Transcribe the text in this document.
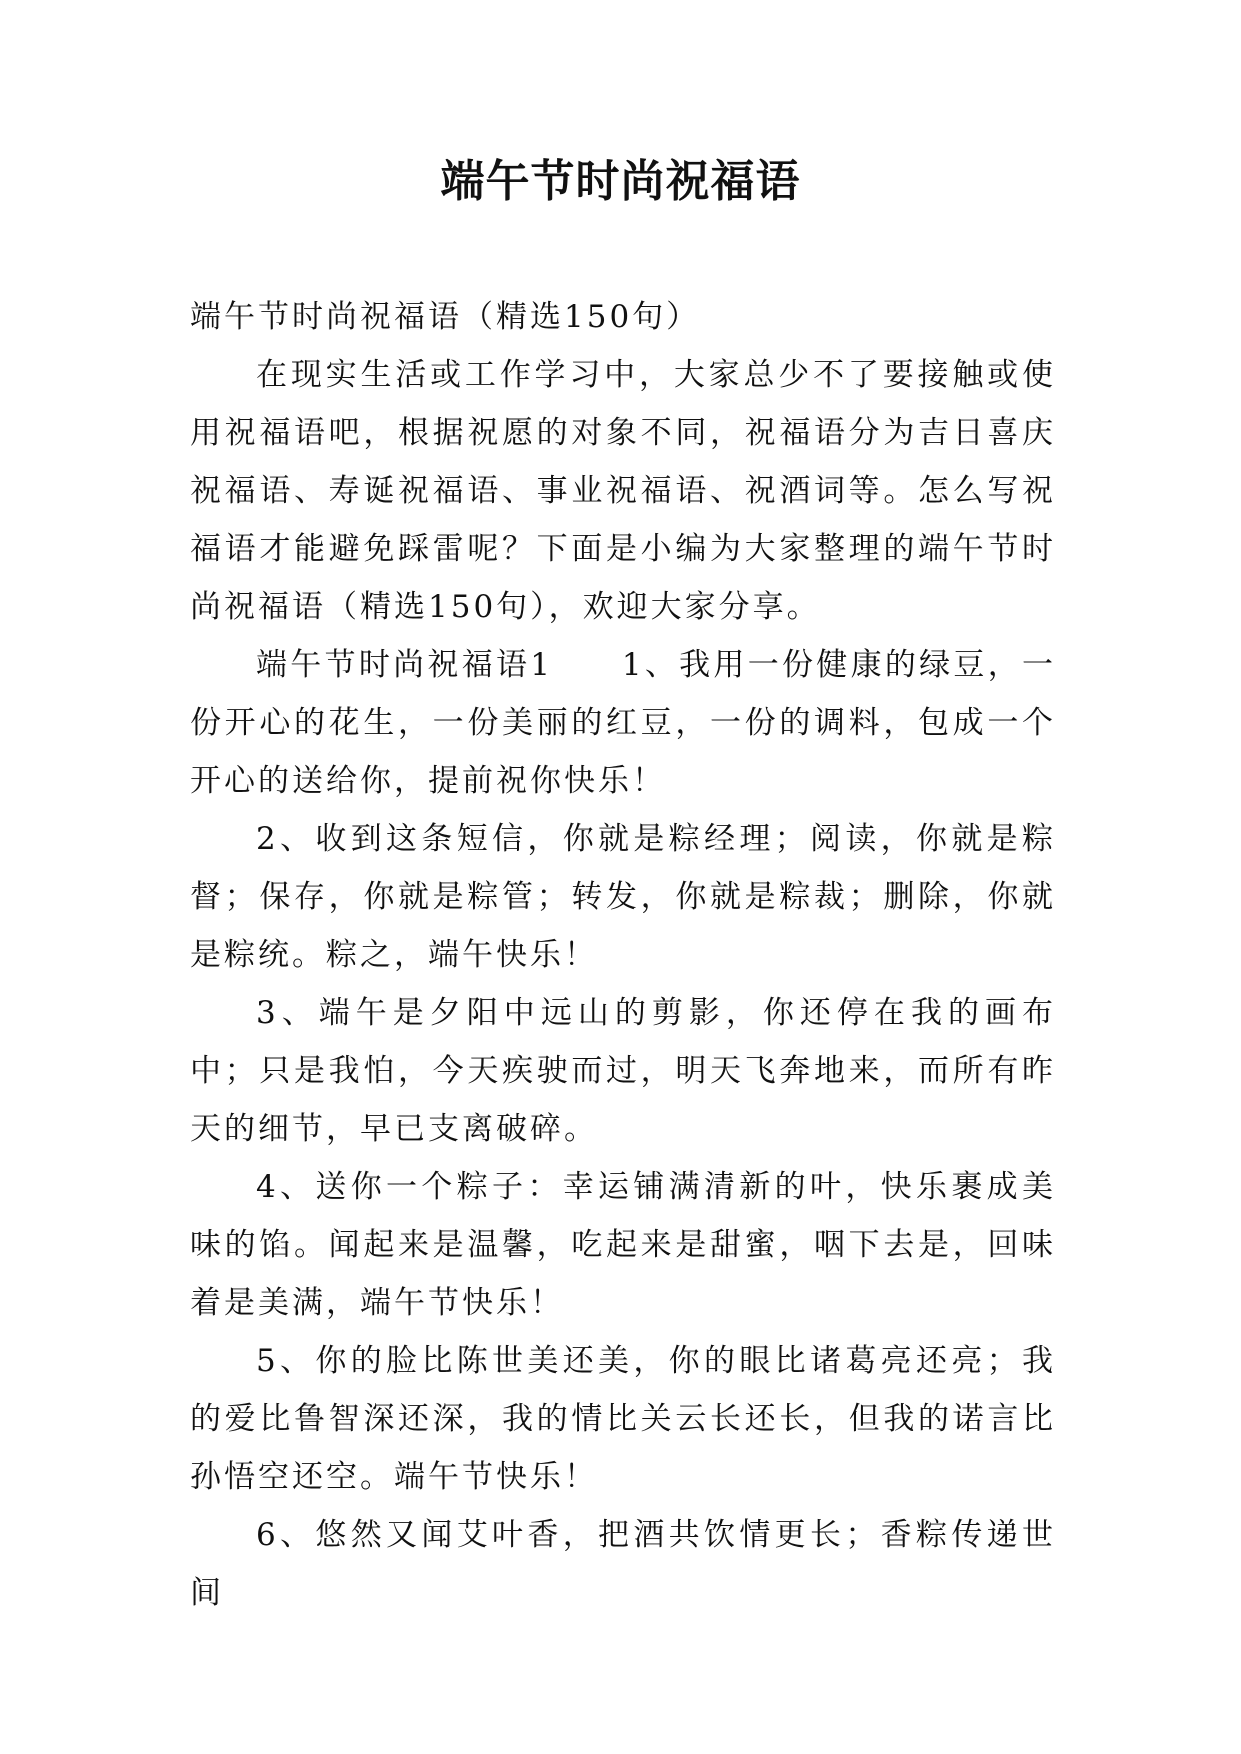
端午节时尚祝福语

端午节时尚祝福语（精选150句）

在现实生活或工作学习中，大家总少不了要接触或使用祝福语吧，根据祝愿的对象不同，祝福语分为吉日喜庆祝福语、寿诞祝福语、事业祝福语、祝酒词等。怎么写祝福语才能避免踩雷呢？下面是小编为大家整理的端午节时尚祝福语（精选150句），欢迎大家分享。

端午节时尚祝福语1　　1、我用一份健康的绿豆，一份开心的花生，一份美丽的红豆，一份的调料，包成一个开心的送给你，提前祝你快乐！

2、收到这条短信，你就是粽经理；阅读，你就是粽督；保存，你就是粽管；转发，你就是粽裁；删除，你就是粽统。粽之，端午快乐！

3、端午是夕阳中远山的剪影，你还停在我的画布中；只是我怕，今天疾驶而过，明天飞奔地来，而所有昨天的细节，早已支离破碎。

4、送你一个粽子：幸运铺满清新的叶，快乐裹成美味的馅。闻起来是温馨，吃起来是甜蜜，咽下去是，回味着是美满，端午节快乐！

5、你的脸比陈世美还美，你的眼比诸葛亮还亮；我的爱比鲁智深还深，我的情比关云长还长，但我的诺言比孙悟空还空。端午节快乐！

6、悠然又闻艾叶香，把酒共饮情更长；香粽传递世间
